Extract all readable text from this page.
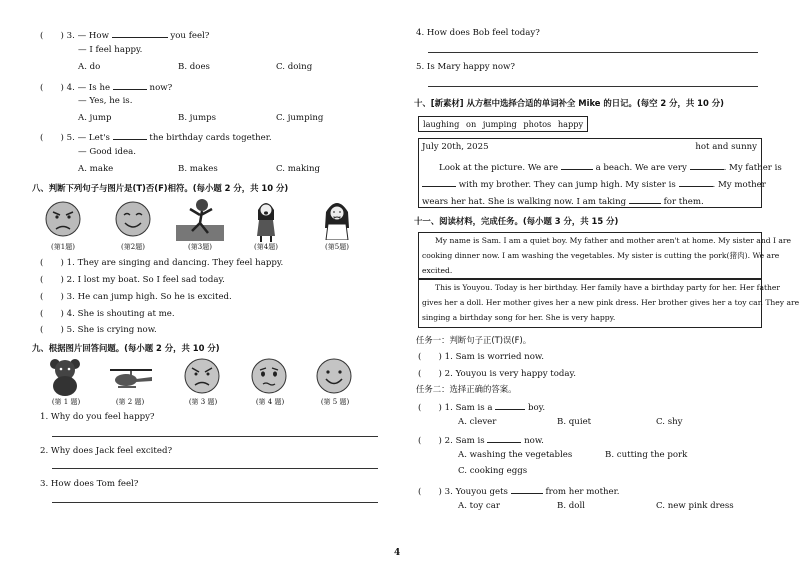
(　　) 3. — How	you feel?
— I feel happy.
A. do	B. does	C. doing
(　　) 4. — Is he	now?
— Yes, he is.
A. jump	B. jumps	C. jumping
(　　) 5. — Let's	the birthday cards together.
— Good idea.
A. make	B. makes	C. making
八、判断下列句子与图片是(T)否(F)相符。(每小题 2 分，共 10 分)
(第1题)	(第2题)	(第3题)	(第4题)	(第5题)
(　　) 1. They are singing and dancing. They feel happy.
(　　) 2. I lost my boat. So I feel sad today.
(　　) 3. He can jump high. So he is excited.
(　　) 4. She is shouting at me.
(　　) 5. She is crying now.
九、根据图片回答问题。(每小题 2 分，共 10 分)
(第 1 题)	(第 2 题)	(第 3 题)	(第 4 题)	(第 5 题)
1. Why do you feel happy?
2. Why does Jack feel excited?
3. How does Tom feel?
4. How does Bob feel today?
5. Is Mary happy now?
十、[新素材] 从方框中选择合适的单词补全 Mike 的日记。(每空 2 分，共 10 分)
laughing on jumping photos happy
July 20th, 2025	hot and sunny
Look at the picture. We are	a beach. We are very	. My father is
with my brother. They can jump high. My sister is	. My mother
wears her hat. She is walking now. I am taking	for them.
十一、阅读材料，完成任务。(每小题 3 分，共 15 分)

My name is Sam. I am a quiet boy. My father and mother aren't at home. My sister and I are

cooking dinner now. I am washing the vegetables. My sister is cutting the pork(猪肉). We are

excited.

This is Youyou. Today is her birthday. Her family have a birthday party for her. Her father

gives her a doll. Her mother gives her a new pink dress. Her brother gives her a toy car. They are

singing a birthday song for her. She is very happy.

任务一：判断句子正(T)误(F)。
(　　) 1. Sam is worried now.
(　　) 2. Youyou is very happy today.
任务二：选择正确的答案。
(　　) 1. Sam is a	boy.
A. clever	B. quiet	C. shy
(　　) 2. Sam is	now.
A. washing the vegetables	B. cutting the pork
C. cooking eggs
(　　) 3. Youyou gets	from her mother.
A. toy car	B. doll	C. new pink dress
4
